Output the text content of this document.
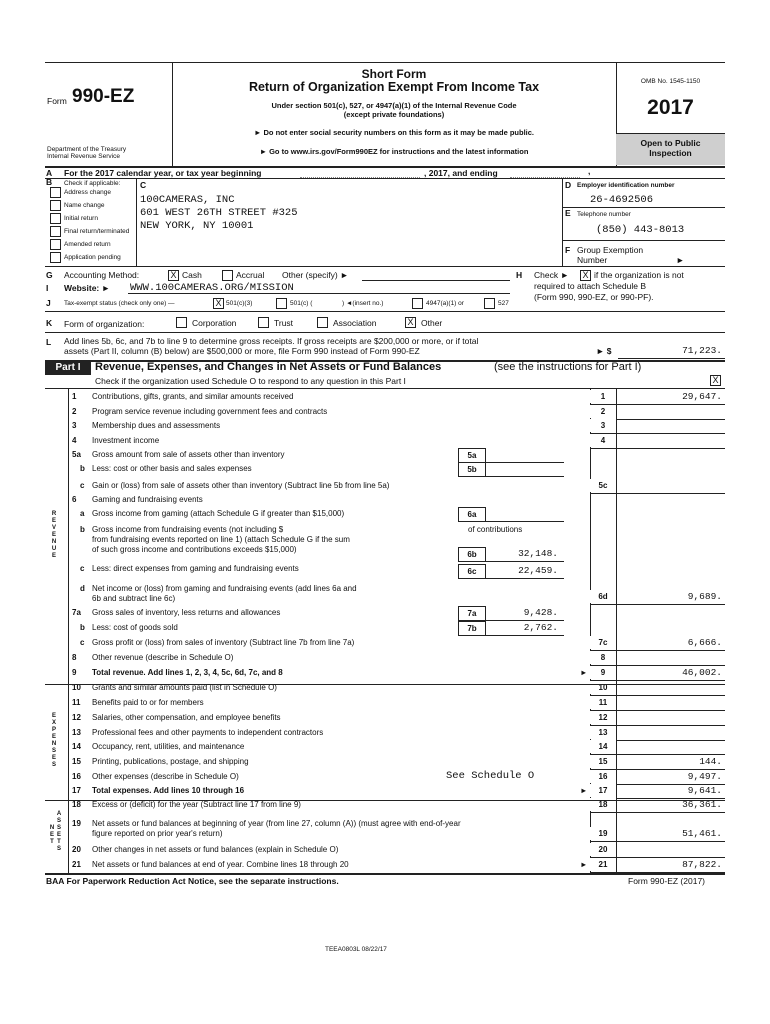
Form 990-EZ
Department of the Treasury
Internal Revenue Service
Short Form
Return of Organization Exempt From Income Tax
Under section 501(c), 527, or 4947(a)(1) of the Internal Revenue Code
(except private foundations)
► Do not enter social security numbers on this form as it may be made public.
► Go to www.irs.gov/Form990EZ for instructions and the latest information
OMB No. 1545-1150
2017
Open to Public
Inspection
A For the 2017 calendar year, or tax year beginning	, 2017, and ending	,
B Check if applicable:
Address change
Name change
Initial return
Final return/terminated
Amended return
Application pending
C
100CAMERAS, INC
601 WEST 26TH STREET #325
NEW YORK, NY 10001
D Employer identification number
26-4692506
E Telephone number
(850) 443-8013
F Group Exemption
Number	►
G Accounting Method:	X Cash	Accrual Other (specify) ►	H Check ► X if the organization is not
required to attach Schedule B
(Form 990, 990-EZ, or 990-PF).
I Website: ► WWW.100CAMERAS.ORG/MISSION
J Tax-exempt status (check only one) —	X 501(c)(3)	501(c) (	) ◄(insert no.)	4947(a)(1) or	527
K Form of organization:	Corporation	Trust	Association	X Other
L Add lines 5b, 6c, and 7b to line 9 to determine gross receipts. If gross receipts are $200,000 or more, or if total
assets (Part II, column (B) below) are $500,000 or more, file Form 990 instead of Form 990-EZ	► $	71,223.
Part I	Revenue, Expenses, and Changes in Net Assets or Fund Balances	(see the instructions for Part I)
Check if the organization used Schedule O to respond to any question in this Part I	X
R
E
V
E
N
U
E
E
X
P
E
N
S
E
S
A
S
S
E
T
S
N
E
T
1 Contributions, gifts, grants, and similar amounts received	1	29,647.
2 Program service revenue including government fees and contracts	2
3 Membership dues and assessments	3
4 Investment income	4
5a Gross amount from sale of assets other than inventory	5a
b Less: cost or other basis and sales expenses	5b
c Gain or (loss) from sale of assets other than inventory (Subtract line 5b from line 5a)	5c
6 Gaming and fundraising events
a Gross income from gaming (attach Schedule G if greater than $15,000)	6a
b Gross income from fundraising events (not including $	of contributions
from fundraising events reported on line 1) (attach Schedule G if the sum
of such gross income and contributions exceeds $15,000)
6b	32,148.
c Less: direct expenses from gaming and fundraising events	6c	22,459.
d Net income or (loss) from gaming and fundraising events (add lines 6a and
6b and subtract line 6c)	6d	9,689.
7a Gross sales of inventory, less returns and allowances	7a	9,428.
b Less: cost of goods sold	7b	2,762.
c Gross profit or (loss) from sales of inventory (Subtract line 7b from line 7a)	7c	6,666.
8 Other revenue (describe in Schedule O)	8
9 Total revenue. Add lines 1, 2, 3, 4, 5c, 6d, 7c, and 8	9	46,002.
►
10 Grants and similar amounts paid (list in Schedule O)	10
11 Benefits paid to or for members	11
12 Salaries, other compensation, and employee benefits	12
13 Professional fees and other payments to independent contractors	13
14 Occupancy, rent, utilities, and maintenance	14
15 Printing, publications, postage, and shipping	15	144.
16 Other expenses (describe in Schedule O)	See Schedule O	16	9,497.
17 Total expenses. Add lines 10 through 16	17	9,641.
►
18 Excess or (deficit) for the year (Subtract line 17 from line 9)	18	36,361.
19 Net assets or fund balances at beginning of year (from line 27, column (A)) (must agree with end-of-year
figure reported on prior year's return)	19	51,461.
20 Other changes in net assets or fund balances (explain in Schedule O)	20
21 Net assets or fund balances at end of year. Combine lines 18 through 20	21	87,822.
►
BAA For Paperwork Reduction Act Notice, see the separate instructions.	Form 990-EZ (2017)
TEEA0803L 08/22/17
